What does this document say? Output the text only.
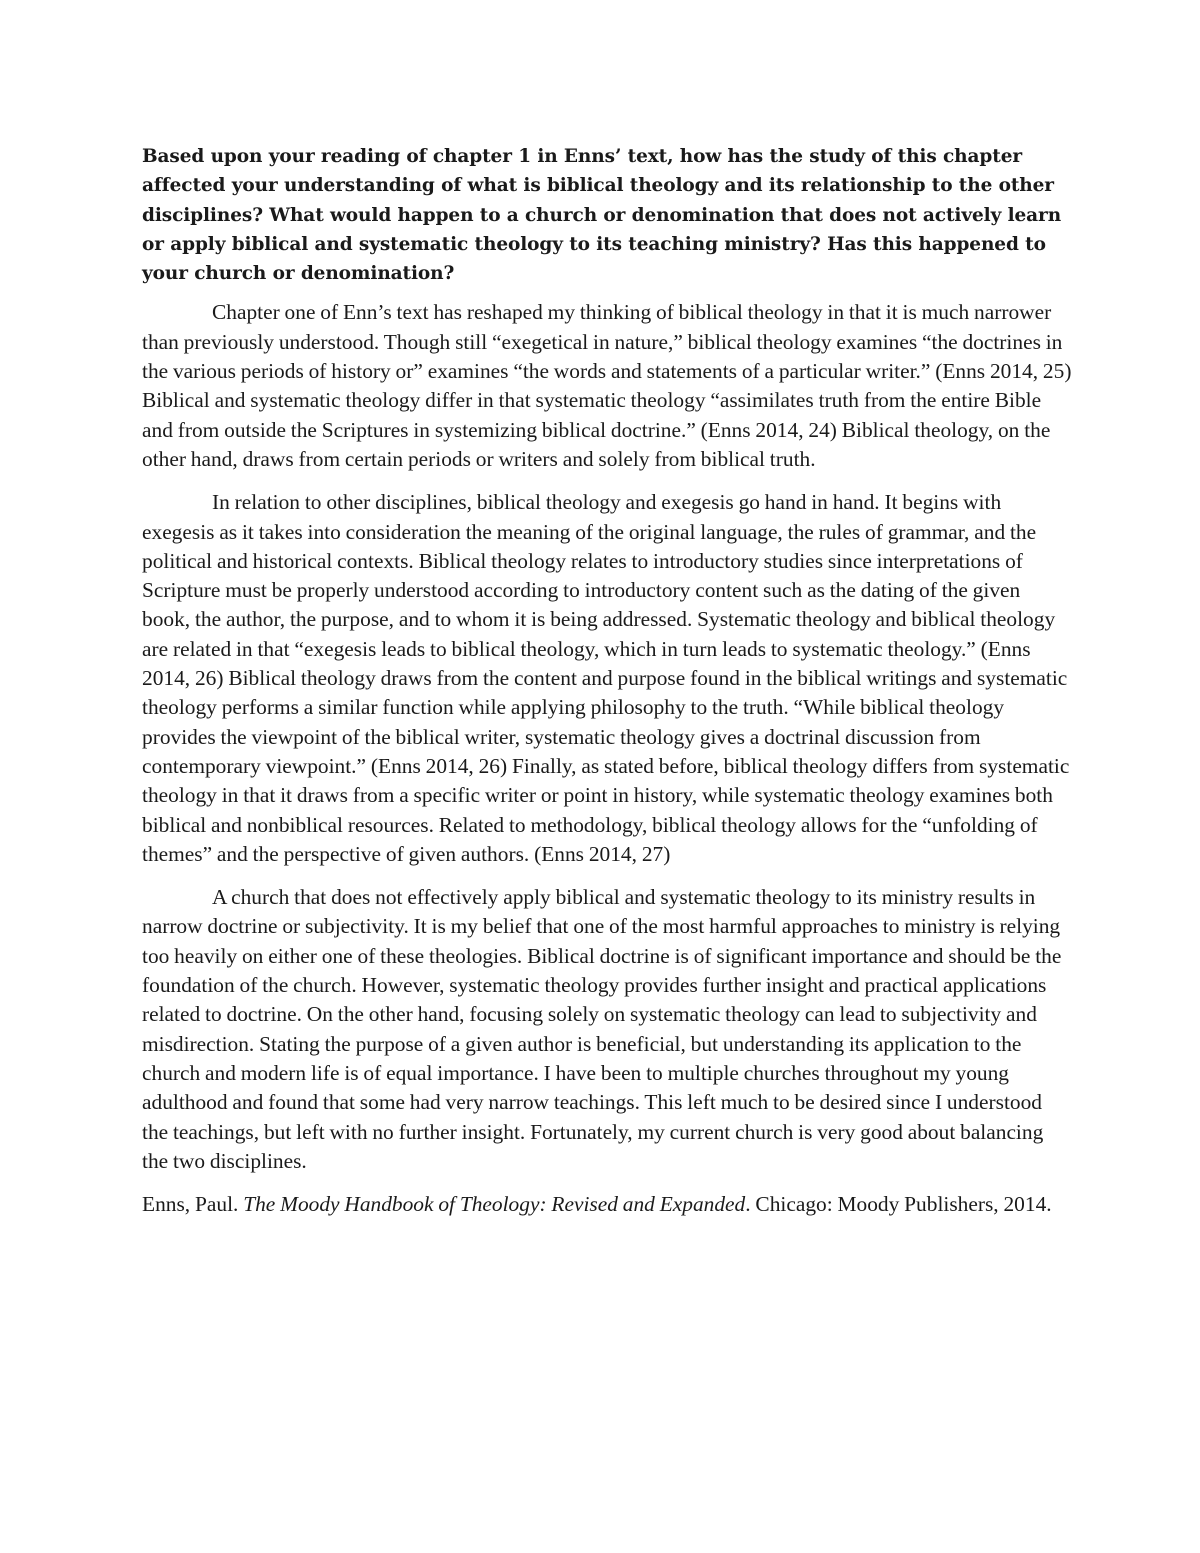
Based upon your reading of chapter 1 in Enns’ text, how has the study of this chapter affected your understanding of what is biblical theology and its relationship to the other disciplines? What would happen to a church or denomination that does not actively learn or apply biblical and systematic theology to its teaching ministry? Has this happened to your church or denomination?

Chapter one of Enn’s text has reshaped my thinking of biblical theology in that it is much narrower than previously understood. Though still “exegetical in nature,” biblical theology examines “the doctrines in the various periods of history or” examines “the words and statements of a particular writer.” (Enns 2014, 25) Biblical and systematic theology differ in that systematic theology “assimilates truth from the entire Bible and from outside the Scriptures in systemizing biblical doctrine.” (Enns 2014, 24) Biblical theology, on the other hand, draws from certain periods or writers and solely from biblical truth.

In relation to other disciplines, biblical theology and exegesis go hand in hand. It begins with exegesis as it takes into consideration the meaning of the original language, the rules of grammar, and the political and historical contexts. Biblical theology relates to introductory studies since interpretations of Scripture must be properly understood according to introductory content such as the dating of the given book, the author, the purpose, and to whom it is being addressed. Systematic theology and biblical theology are related in that “exegesis leads to biblical theology, which in turn leads to systematic theology.” (Enns 2014, 26) Biblical theology draws from the content and purpose found in the biblical writings and systematic theology performs a similar function while applying philosophy to the truth. “While biblical theology provides the viewpoint of the biblical writer, systematic theology gives a doctrinal discussion from contemporary viewpoint.” (Enns 2014, 26) Finally, as stated before, biblical theology differs from systematic theology in that it draws from a specific writer or point in history, while systematic theology examines both biblical and nonbiblical resources. Related to methodology, biblical theology allows for the “unfolding of themes” and the perspective of given authors. (Enns 2014, 27)

A church that does not effectively apply biblical and systematic theology to its ministry results in narrow doctrine or subjectivity. It is my belief that one of the most harmful approaches to ministry is relying too heavily on either one of these theologies. Biblical doctrine is of significant importance and should be the foundation of the church. However, systematic theology provides further insight and practical applications related to doctrine. On the other hand, focusing solely on systematic theology can lead to subjectivity and misdirection. Stating the purpose of a given author is beneficial, but understanding its application to the church and modern life is of equal importance. I have been to multiple churches throughout my young adulthood and found that some had very narrow teachings. This left much to be desired since I understood the teachings, but left with no further insight. Fortunately, my current church is very good about balancing the two disciplines.

Enns, Paul. The Moody Handbook of Theology: Revised and Expanded. Chicago: Moody Publishers, 2014.
